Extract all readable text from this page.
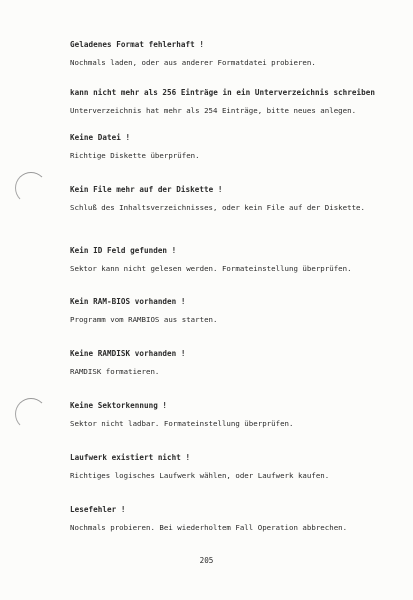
Geladenes Format fehlerhaft !
Nochmals laden, oder aus anderer Formatdatei probieren.
kann nicht mehr als 256 Einträge in ein Unterverzeichnis schreiben
Unterverzeichnis hat mehr als 254 Einträge, bitte neues anlegen.
Keine Datei !
Richtige Diskette überprüfen.
Kein File mehr auf der Diskette !
Schluß des Inhaltsverzeichnisses, oder kein File auf der Diskette.
Kein ID Feld gefunden !
Sektor kann nicht gelesen werden. Formateinstellung überprüfen.
Kein RAM-BIOS vorhanden !
Programm vom RAMBIOS aus starten.
Keine RAMDISK vorhanden !
RAMDISK formatieren.
Keine Sektorkennung !
Sektor nicht ladbar. Formateinstellung überprüfen.
Laufwerk existiert nicht !
Richtiges logisches Laufwerk wählen, oder Laufwerk kaufen.
Lesefehler !
Nochmals probieren. Bei wiederholtem Fall Operation abbrechen.
205
